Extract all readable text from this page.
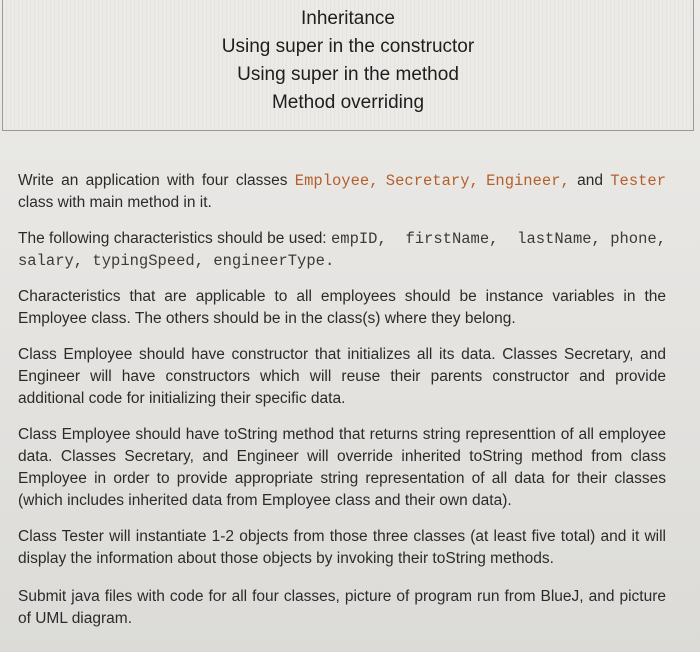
Inheritance
Using super in the constructor
Using super in the method
Method overriding

Write an application with four classes Employee, Secretary, Engineer, and Tester class with main method in it.

The following characteristics should be used: empID,  firstName,  lastName, phone, salary, typingSpeed, engineerType.

Characteristics that are applicable to all employees should be instance variables in the Employee class. The others should be in the class(s) where they belong.

Class Employee should have constructor that initializes all its data. Classes Secretary, and Engineer will have constructors which will reuse their parents constructor and provide additional code for initializing their specific data.

Class Employee should have toString method that returns string representtion of all employee data. Classes Secretary, and Engineer will override inherited toString method from class Employee in order to provide appropriate string representation of all data for their classes (which includes inherited data from Employee class and their own data).

Class Tester will instantiate 1-2 objects from those three classes (at least five total) and it will display the information about those objects by invoking their toString methods.

Submit java files with code for all four classes, picture of program run from BlueJ, and picture of UML diagram.
